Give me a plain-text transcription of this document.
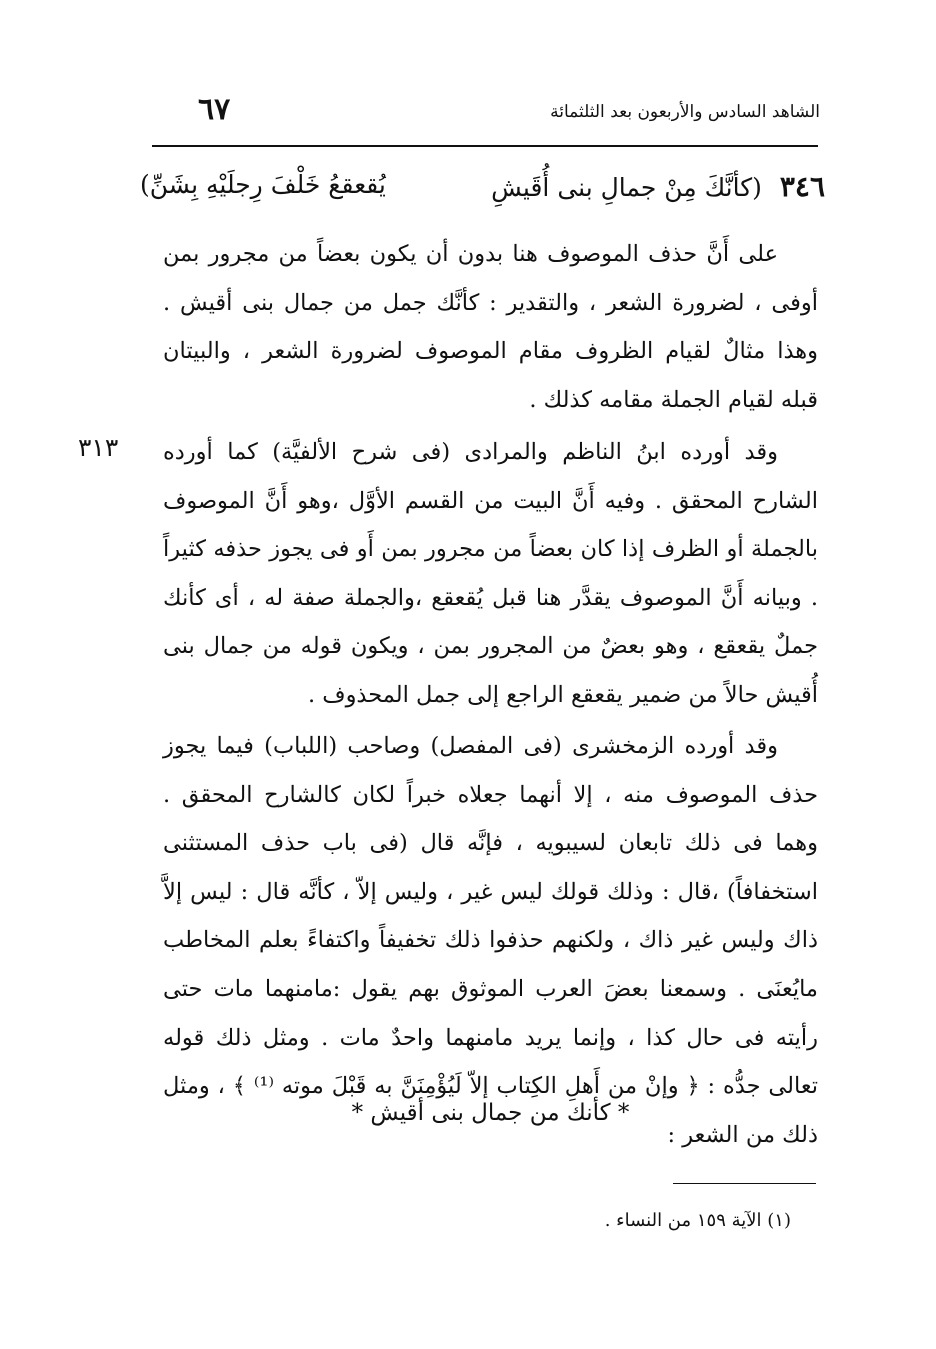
الشاهد السادس والأربعون بعد الثلثمائة
٦٧
٣٤٦ (كأنَّكَ مِنْ جمالِ بنى أُقَيشِ
يُقعقعُ خَلْفَ رِجلَيْهِ بِشَنِّ)

على أَنَّ حذف الموصوف هنا بدون أن يكون بعضاً من مجرور بمن أوفى ، لضرورة الشعر ، والتقدير : كأنَّك جمل من جمال بنى أقيش . وهذا مثالٌ لقيام الظروف مقام الموصوف لضرورة الشعر ، والبيتان قبله لقيام الجملة مقامه كذلك .

٣١٣ وقد أورده ابنُ الناظم والمرادى (فى شرح الألفيَّة) كما أورده الشارح المحقق . وفيه أَنَّ البيت من القسم الأوَّل ،وهو أَنَّ الموصوف بالجملة أو الظرف إذا كان بعضاً من مجرور بمن أَو فى يجوز حذفه كثيراً . وبيانه أَنَّ الموصوف يقدَّر هنا قبل يُقعقع ،والجملة صفة له ، أى كأنك جملٌ يقعقع ، وهو بعضٌ من المجرور بمن ، ويكون قوله من جمال بنى أُقيش حالاً من ضمير يقعقع الراجع إلى جمل المحذوف .

وقد أورده الزمخشرى (فى المفصل) وصاحب (اللباب) فيما يجوز حذف الموصوف منه ، إلا أنهما جعلاه خبراً لكان كالشارح المحقق . وهما فى ذلك تابعان لسيبويه ، فإنَّه قال (فى باب حذف المستثنى استخفافاً) ،قال : وذلك قولك ليس غير ، وليس إلاّ ، كأنَّه قال : ليس إلاَّ ذاك وليس غير ذاك ، ولكنهم حذفوا ذلك تخفيفاً واكتفاءً بعلم المخاطب مايُعنَى . وسمعنا بعضَ العرب الموثوق بهم يقول :مامنهما مات حتى رأيته فى حال كذا ، وإنما يريد مامنهما واحدٌ مات . ومثل ذلك قوله تعالى جدُّه : ﴿ وإنْ من أَهلِ الكِتاب إلاّ لَيُؤْمِنَنَّ به قَبْلَ موته ⁽¹⁾ ﴾ ، ومثل ذلك من الشعر :

* كأنك من جمال بنى أقيش *
(١) الآية ١٥٩ من النساء .
